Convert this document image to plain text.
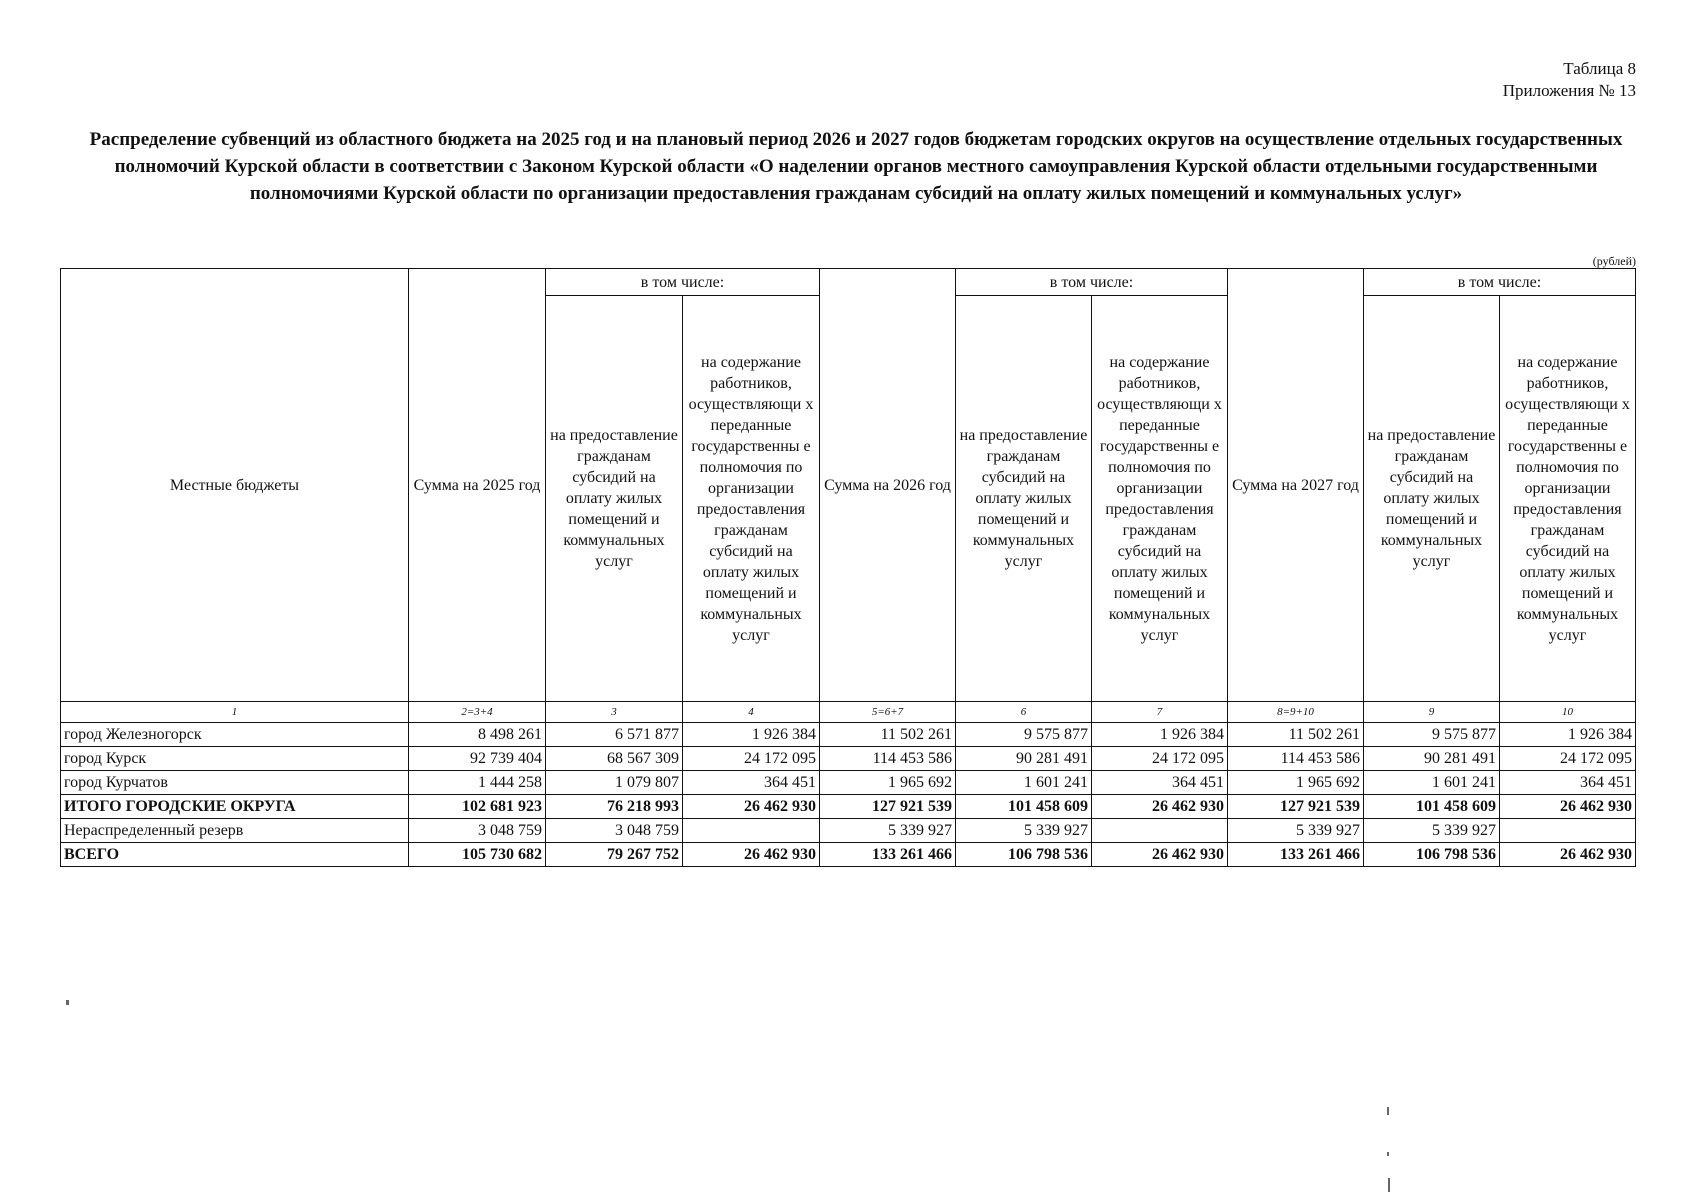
Таблица 8
Приложения № 13
Распределение субвенций из областного бюджета на 2025 год и на плановый период 2026 и 2027 годов бюджетам городских округов на осуществление отдельных государственных полномочий Курской области в соответствии с Законом Курской области «О наделении органов местного самоуправления Курской области отдельными государственными полномочиями Курской области по организации предоставления гражданам субсидий на оплату жилых помещений и коммунальных услуг»
(рублей)
Местные бюджеты	Сумма на 2025 год	в том числе:		Сумма на 2026 год	в том числе:		Сумма на 2027 год	в том числе:	
		на предоставление гражданам субсидий на оплату жилых помещений и коммунальных услуг	на содержание работников, осуществляющи х переданные государственны е полномочия по организации предоставления гражданам субсидий на оплату жилых помещений и коммунальных услуг		на предоставление гражданам субсидий на оплату жилых помещений и коммунальных услуг	на содержание работников, осуществляющи х переданные государственны е полномочия по организации предоставления гражданам субсидий на оплату жилых помещений и коммунальных услуг		на предоставление гражданам субсидий на оплату жилых помещений и коммунальных услуг	на содержание работников, осуществляющи х переданные государственны е полномочия по организации предоставления гражданам субсидий на оплату жилых помещений и коммунальных услуг
1	2=3+4	3	4	5=6+7	6	7	8=9+10	9	10
город Железногорск	8 498 261	6 571 877	1 926 384	11 502 261	9 575 877	1 926 384	11 502 261	9 575 877	1 926 384
город Курск	92 739 404	68 567 309	24 172 095	114 453 586	90 281 491	24 172 095	114 453 586	90 281 491	24 172 095
город Курчатов	1 444 258	1 079 807	364 451	1 965 692	1 601 241	364 451	1 965 692	1 601 241	364 451
ИТОГО ГОРОДСКИЕ ОКРУГА	102 681 923	76 218 993	26 462 930	127 921 539	101 458 609	26 462 930	127 921 539	101 458 609	26 462 930
Нераспределенный резерв	3 048 759	3 048 759		5 339 927	5 339 927		5 339 927	5 339 927	
ВСЕГО	105 730 682	79 267 752	26 462 930	133 261 466	106 798 536	26 462 930	133 261 466	106 798 536	26 462 930
